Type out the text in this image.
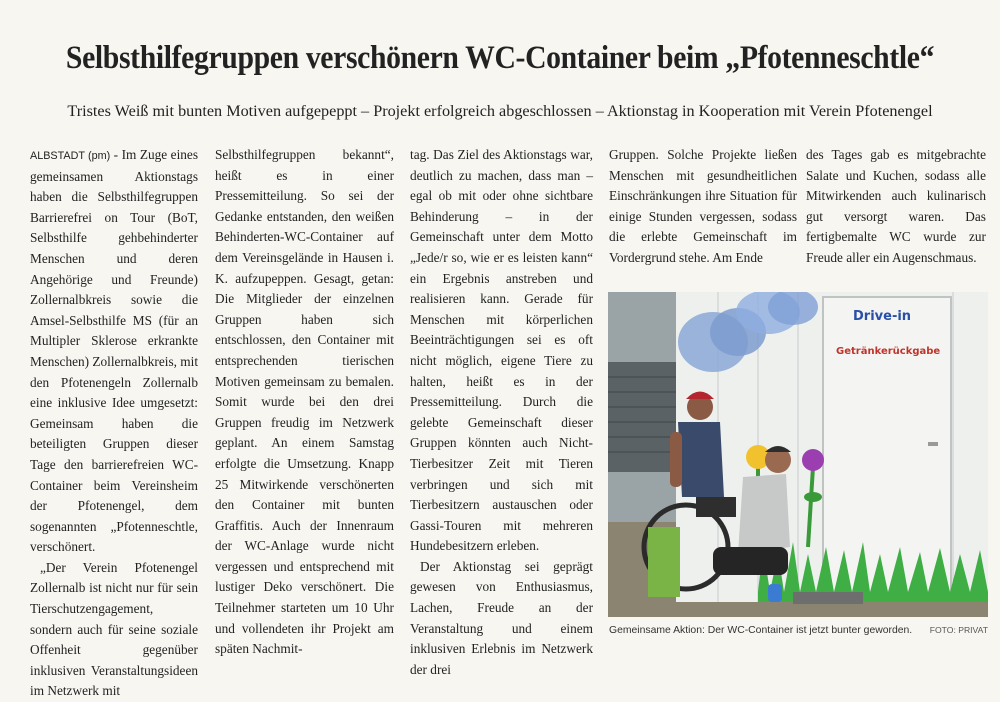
Selbsthilfegruppen verschönern WC-Container beim „Pfotenneschtle“
Tristes Weiß mit bunten Motiven aufgepeppt – Projekt erfolgreich abgeschlossen – Aktionstag in Kooperation mit Verein Pfotenengel

ALBSTADT (pm) - Im Zuge eines gemeinsamen Aktionstags haben die Selbsthilfegruppen Barrierefrei on Tour (BoT, Selbsthilfe gehbehinderter Menschen und deren Angehörige und Freunde) Zollernalbkreis sowie die Amsel-Selbsthilfe MS (für an Multipler Sklerose erkrankte Menschen) Zollernalbkreis, mit den Pfotenengeln Zollernalb eine inklusive Idee umgesetzt: Gemeinsam haben die beteiligten Gruppen dieser Tage den barrierefreien WC-Container beim Vereinsheim der Pfotenengel, dem sogenannten „Pfotenneschtle, verschönert.

„Der Verein Pfotenengel Zollernalb ist nicht nur für sein Tierschutzengagement, sondern auch für seine soziale Offenheit gegenüber inklusiven Veranstaltungsideen im Netzwerk mit

Selbsthilfegruppen bekannt“, heißt es in einer Pressemitteilung. So sei der Gedanke entstanden, den weißen Behinderten-WC-Container auf dem Vereinsgelände in Hausen i. K. aufzupeppen. Gesagt, getan: Die Mitglieder der einzelnen Gruppen haben sich entschlossen, den Container mit entsprechenden tierischen Motiven gemeinsam zu bemalen. Somit wurde bei den drei Gruppen freudig im Netzwerk geplant. An einem Samstag erfolgte die Umsetzung. Knapp 25 Mitwirkende verschönerten den Container mit bunten Graffitis. Auch der Innenraum der WC-Anlage wurde nicht vergessen und entsprechend mit lustiger Deko verschönert. Die Teilnehmer starteten um 10 Uhr und vollendeten ihr Projekt am späten Nachmit-

tag. Das Ziel des Aktionstags war, deutlich zu machen, dass man – egal ob mit oder ohne sichtbare Behinderung – in der Gemeinschaft unter dem Motto „Jede/r so, wie er es leisten kann“ ein Ergebnis anstreben und realisieren kann. Gerade für Menschen mit körperlichen Beeinträchtigungen sei es oft nicht möglich, eigene Tiere zu halten, heißt es in der Pressemitteilung. Durch die gelebte Gemeinschaft dieser Gruppen könnten auch Nicht-Tierbesitzer Zeit mit Tieren verbringen und sich mit Tierbesitzern austauschen oder Gassi-Touren mit mehreren Hundebesitzern erleben.

Der Aktionstag sei geprägt gewesen von Enthusiasmus, Lachen, Freude an der Veranstaltung und einem inklusiven Erlebnis im Netzwerk der drei

Gruppen. Solche Projekte ließen Menschen mit gesundheitlichen Einschränkungen ihre Situation für einige Stunden vergessen, sodass die erlebte Gemeinschaft im Vordergrund stehe. Am Ende

des Tages gab es mitgebrachte Salate und Kuchen, sodass alle Mitwirkenden auch kulinarisch gut versorgt waren. Das fertigbemalte WC wurde zur Freude aller ein Augenschmaus.

Drive-in
Getränkerückgabe
Gemeinsame Aktion: Der WC-Container ist jetzt bunter geworden.	FOTO: PRIVAT
